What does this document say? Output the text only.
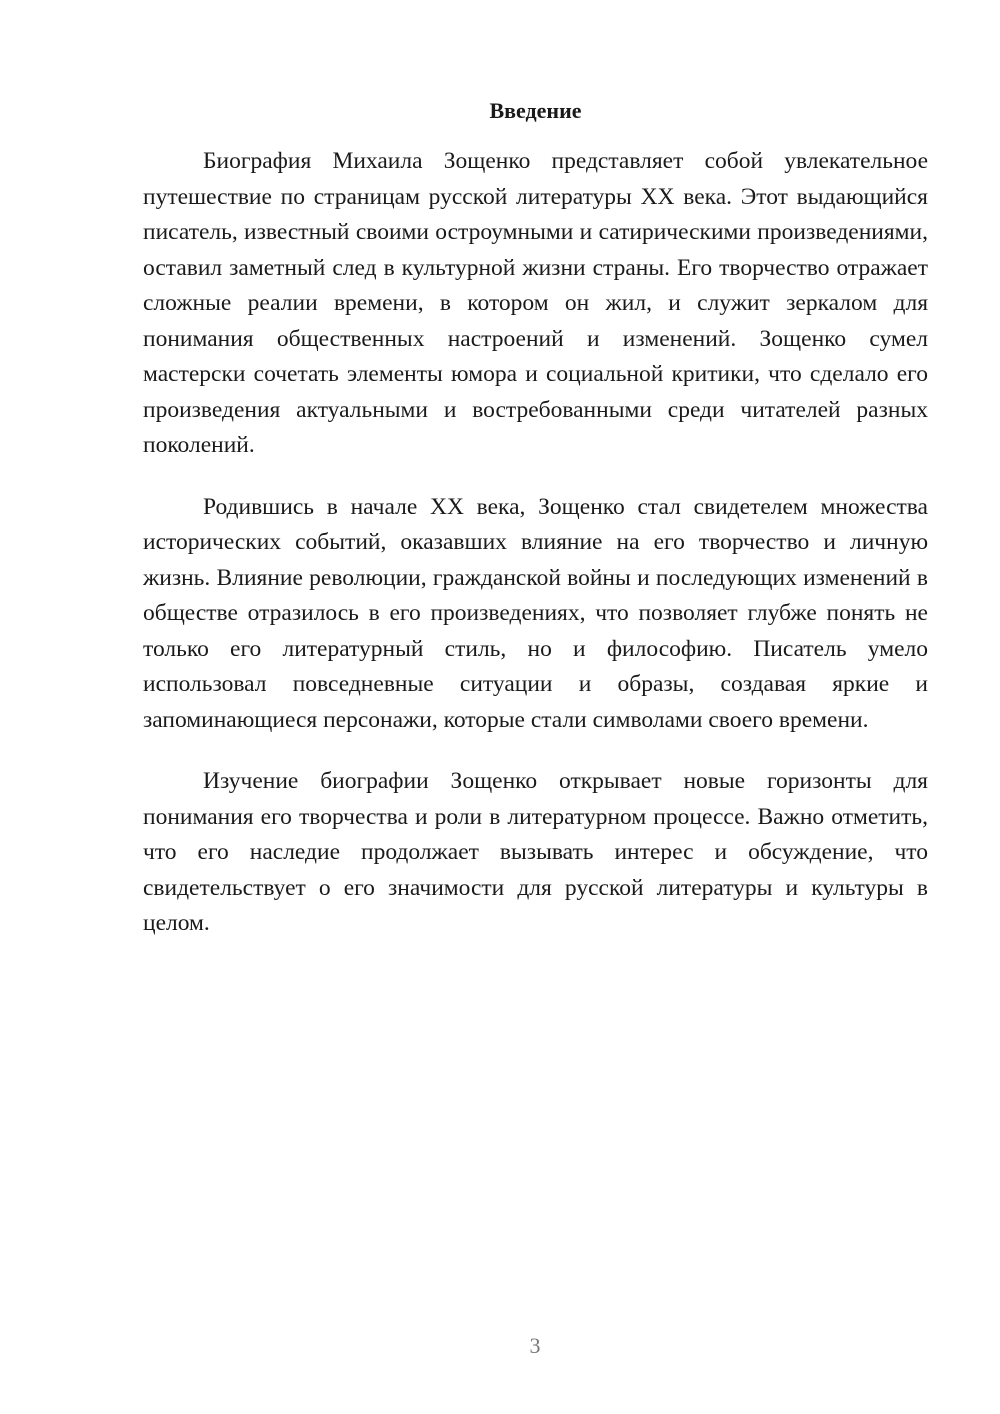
Введение

Биография Михаила Зощенко представляет собой увлекательное путешествие по страницам русской литературы XX века. Этот выдающийся писатель, известный своими остроумными и сатирическими произведениями, оставил заметный след в культурной жизни страны. Его творчество отражает сложные реалии времени, в котором он жил, и служит зеркалом для понимания общественных настроений и изменений. Зощенко сумел мастерски сочетать элементы юмора и социальной критики, что сделало его произведения актуальными и востребованными среди читателей разных поколений.

Родившись в начале XX века, Зощенко стал свидетелем множества исторических событий, оказавших влияние на его творчество и личную жизнь. Влияние революции, гражданской войны и последующих изменений в обществе отразилось в его произведениях, что позволяет глубже понять не только его литературный стиль, но и философию. Писатель умело использовал повседневные ситуации и образы, создавая яркие и запоминающиеся персонажи, которые стали символами своего времени.

Изучение биографии Зощенко открывает новые горизонты для понимания его творчества и роли в литературном процессе. Важно отметить, что его наследие продолжает вызывать интерес и обсуждение, что свидетельствует о его значимости для русской литературы и культуры в целом.

3
